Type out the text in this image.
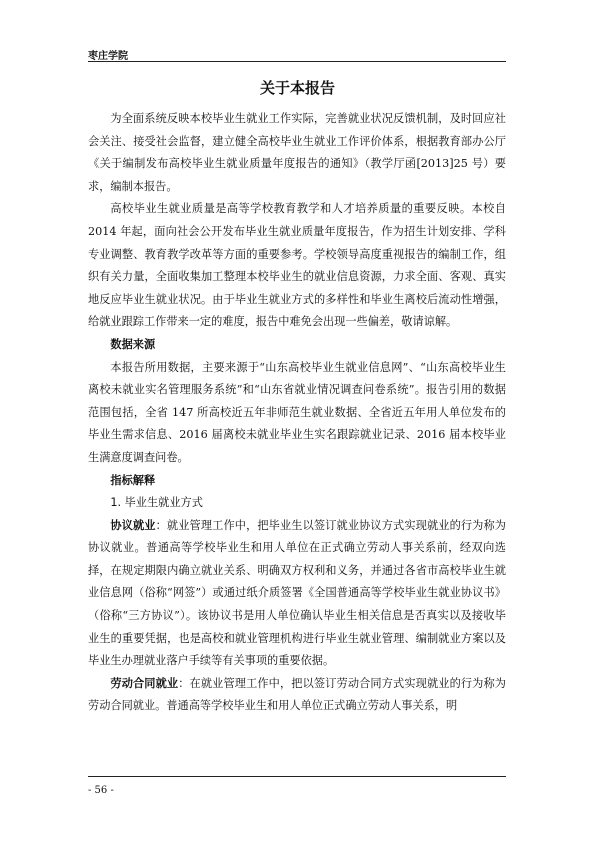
枣庄学院
关于本报告

为全面系统反映本校毕业生就业工作实际，完善就业状况反馈机制，及时回应社会关注、接受社会监督，建立健全高校毕业生就业工作评价体系，根据教育部办公厅《关于编制发布高校毕业生就业质量年度报告的通知》（教学厅函[2013]25 号）要求，编制本报告。

高校毕业生就业质量是高等学校教育教学和人才培养质量的重要反映。本校自 2014 年起，面向社会公开发布毕业生就业质量年度报告，作为招生计划安排、学科专业调整、教育教学改革等方面的重要参考。学校领导高度重视报告的编制工作，组织有关力量，全面收集加工整理本校毕业生的就业信息资源，力求全面、客观、真实地反应毕业生就业状况。由于毕业生就业方式的多样性和毕业生离校后流动性增强，给就业跟踪工作带来一定的难度，报告中难免会出现一些偏差，敬请谅解。

数据来源

本报告所用数据，主要来源于“山东高校毕业生就业信息网”、“山东高校毕业生离校未就业实名管理服务系统”和“山东省就业情况调查问卷系统”。报告引用的数据范围包括，全省 147 所高校近五年非师范生就业数据、全省近五年用人单位发布的毕业生需求信息、2016 届离校未就业毕业生实名跟踪就业记录、2016 届本校毕业生满意度调查问卷。

指标解释

1. 毕业生就业方式

协议就业：就业管理工作中，把毕业生以签订就业协议方式实现就业的行为称为协议就业。普通高等学校毕业生和用人单位在正式确立劳动人事关系前，经双向选择，在规定期限内确立就业关系、明确双方权利和义务，并通过各省市高校毕业生就业信息网（俗称“网签”）或通过纸介质签署《全国普通高等学校毕业生就业协议书》（俗称“三方协议”）。该协议书是用人单位确认毕业生相关信息是否真实以及接收毕业生的重要凭据，也是高校和就业管理机构进行毕业生就业管理、编制就业方案以及毕业生办理就业落户手续等有关事项的重要依据。

劳动合同就业：在就业管理工作中，把以签订劳动合同方式实现就业的行为称为劳动合同就业。普通高等学校毕业生和用人单位正式确立劳动人事关系，明

- 56 -
